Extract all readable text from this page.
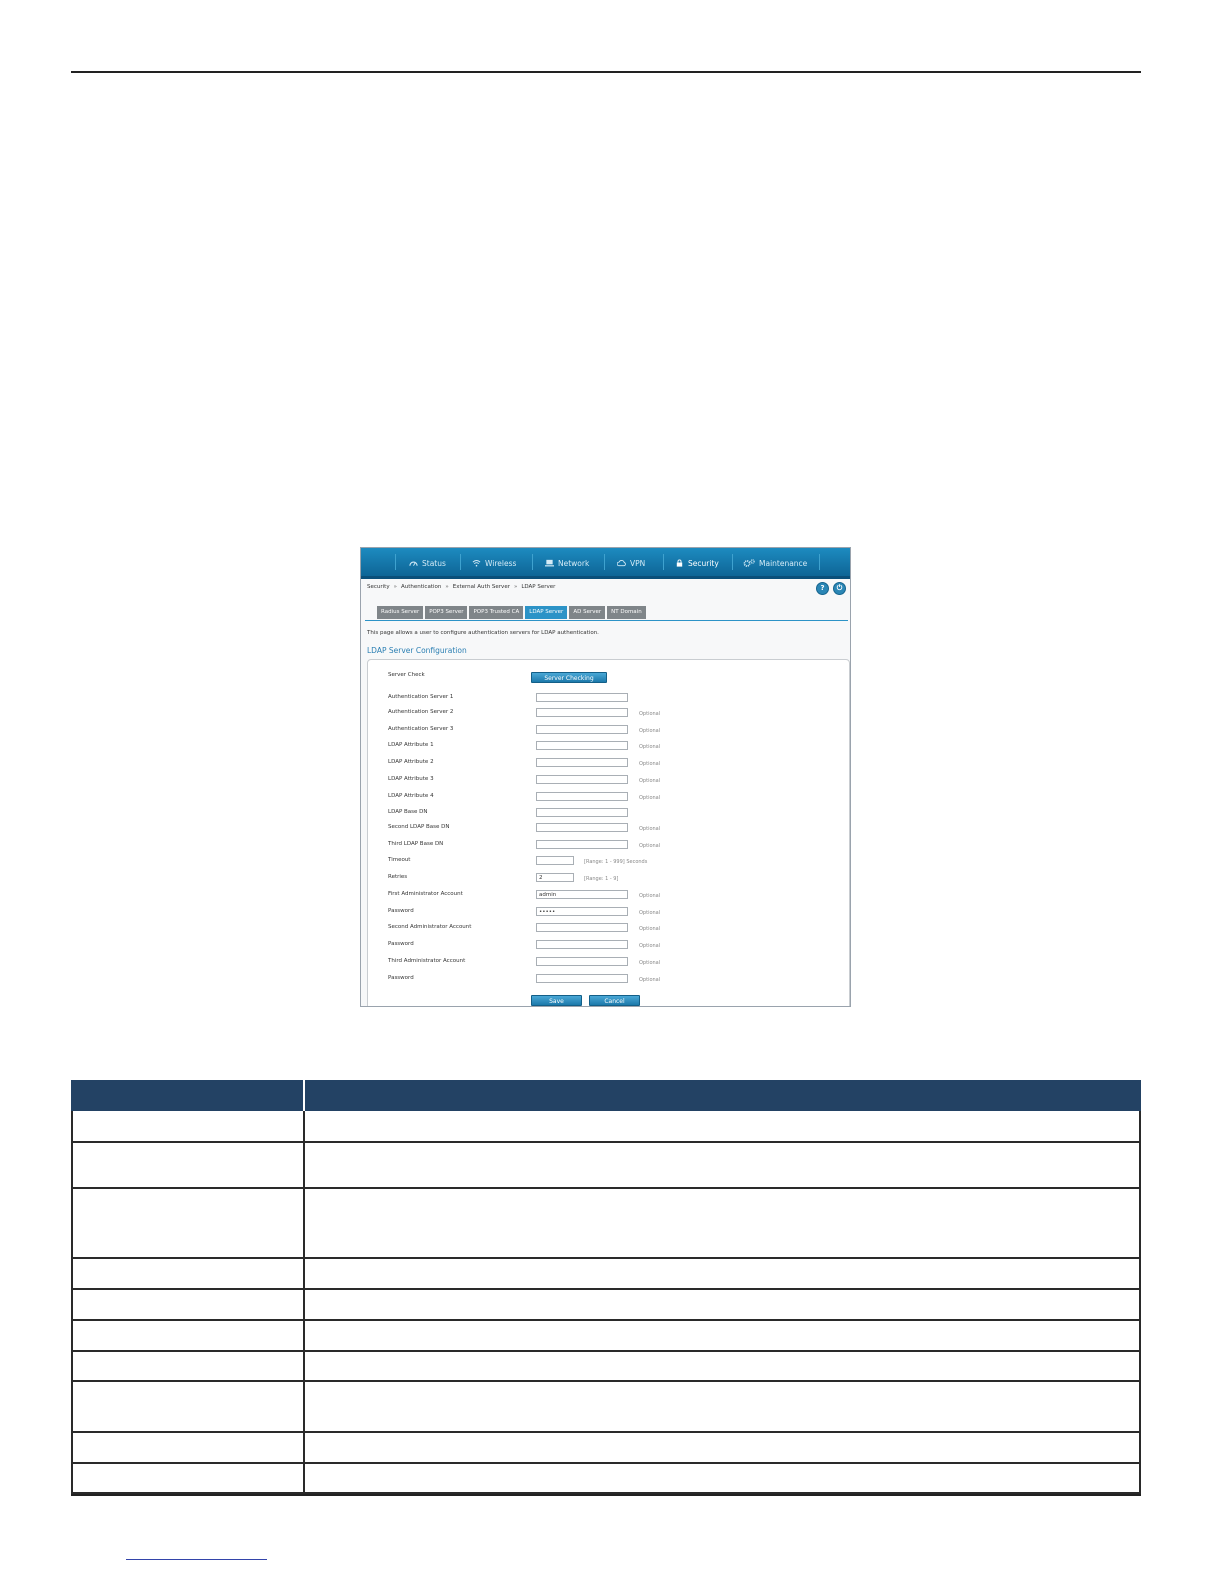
Status	Wireless	Network	VPN	Security	Maintenance
Security » Authentication » External Auth Server » LDAP Server	?	⏻
Radius Server	POP3 Server	POP3 Trusted CA	LDAP Server	AD Server	NT Domain
This page allows a user to configure authentication servers for LDAP authentication.
LDAP Server Configuration
Server Check	Server Checking
Authentication Server 1
Authentication Server 2	Optional
Authentication Server 3	Optional
LDAP Attribute 1	Optional
LDAP Attribute 2	Optional
LDAP Attribute 3	Optional
LDAP Attribute 4	Optional
LDAP Base DN
Second LDAP Base DN	Optional
Third LDAP Base DN	Optional
Timeout	[Range: 1 - 999] Seconds
Retries	2	[Range: 1 - 9]
First Administrator Account	admin	Optional
Password	•••••	Optional
Second Administrator Account	Optional
Password	Optional
Third Administrator Account	Optional
Password	Optional
Save	Cancel
